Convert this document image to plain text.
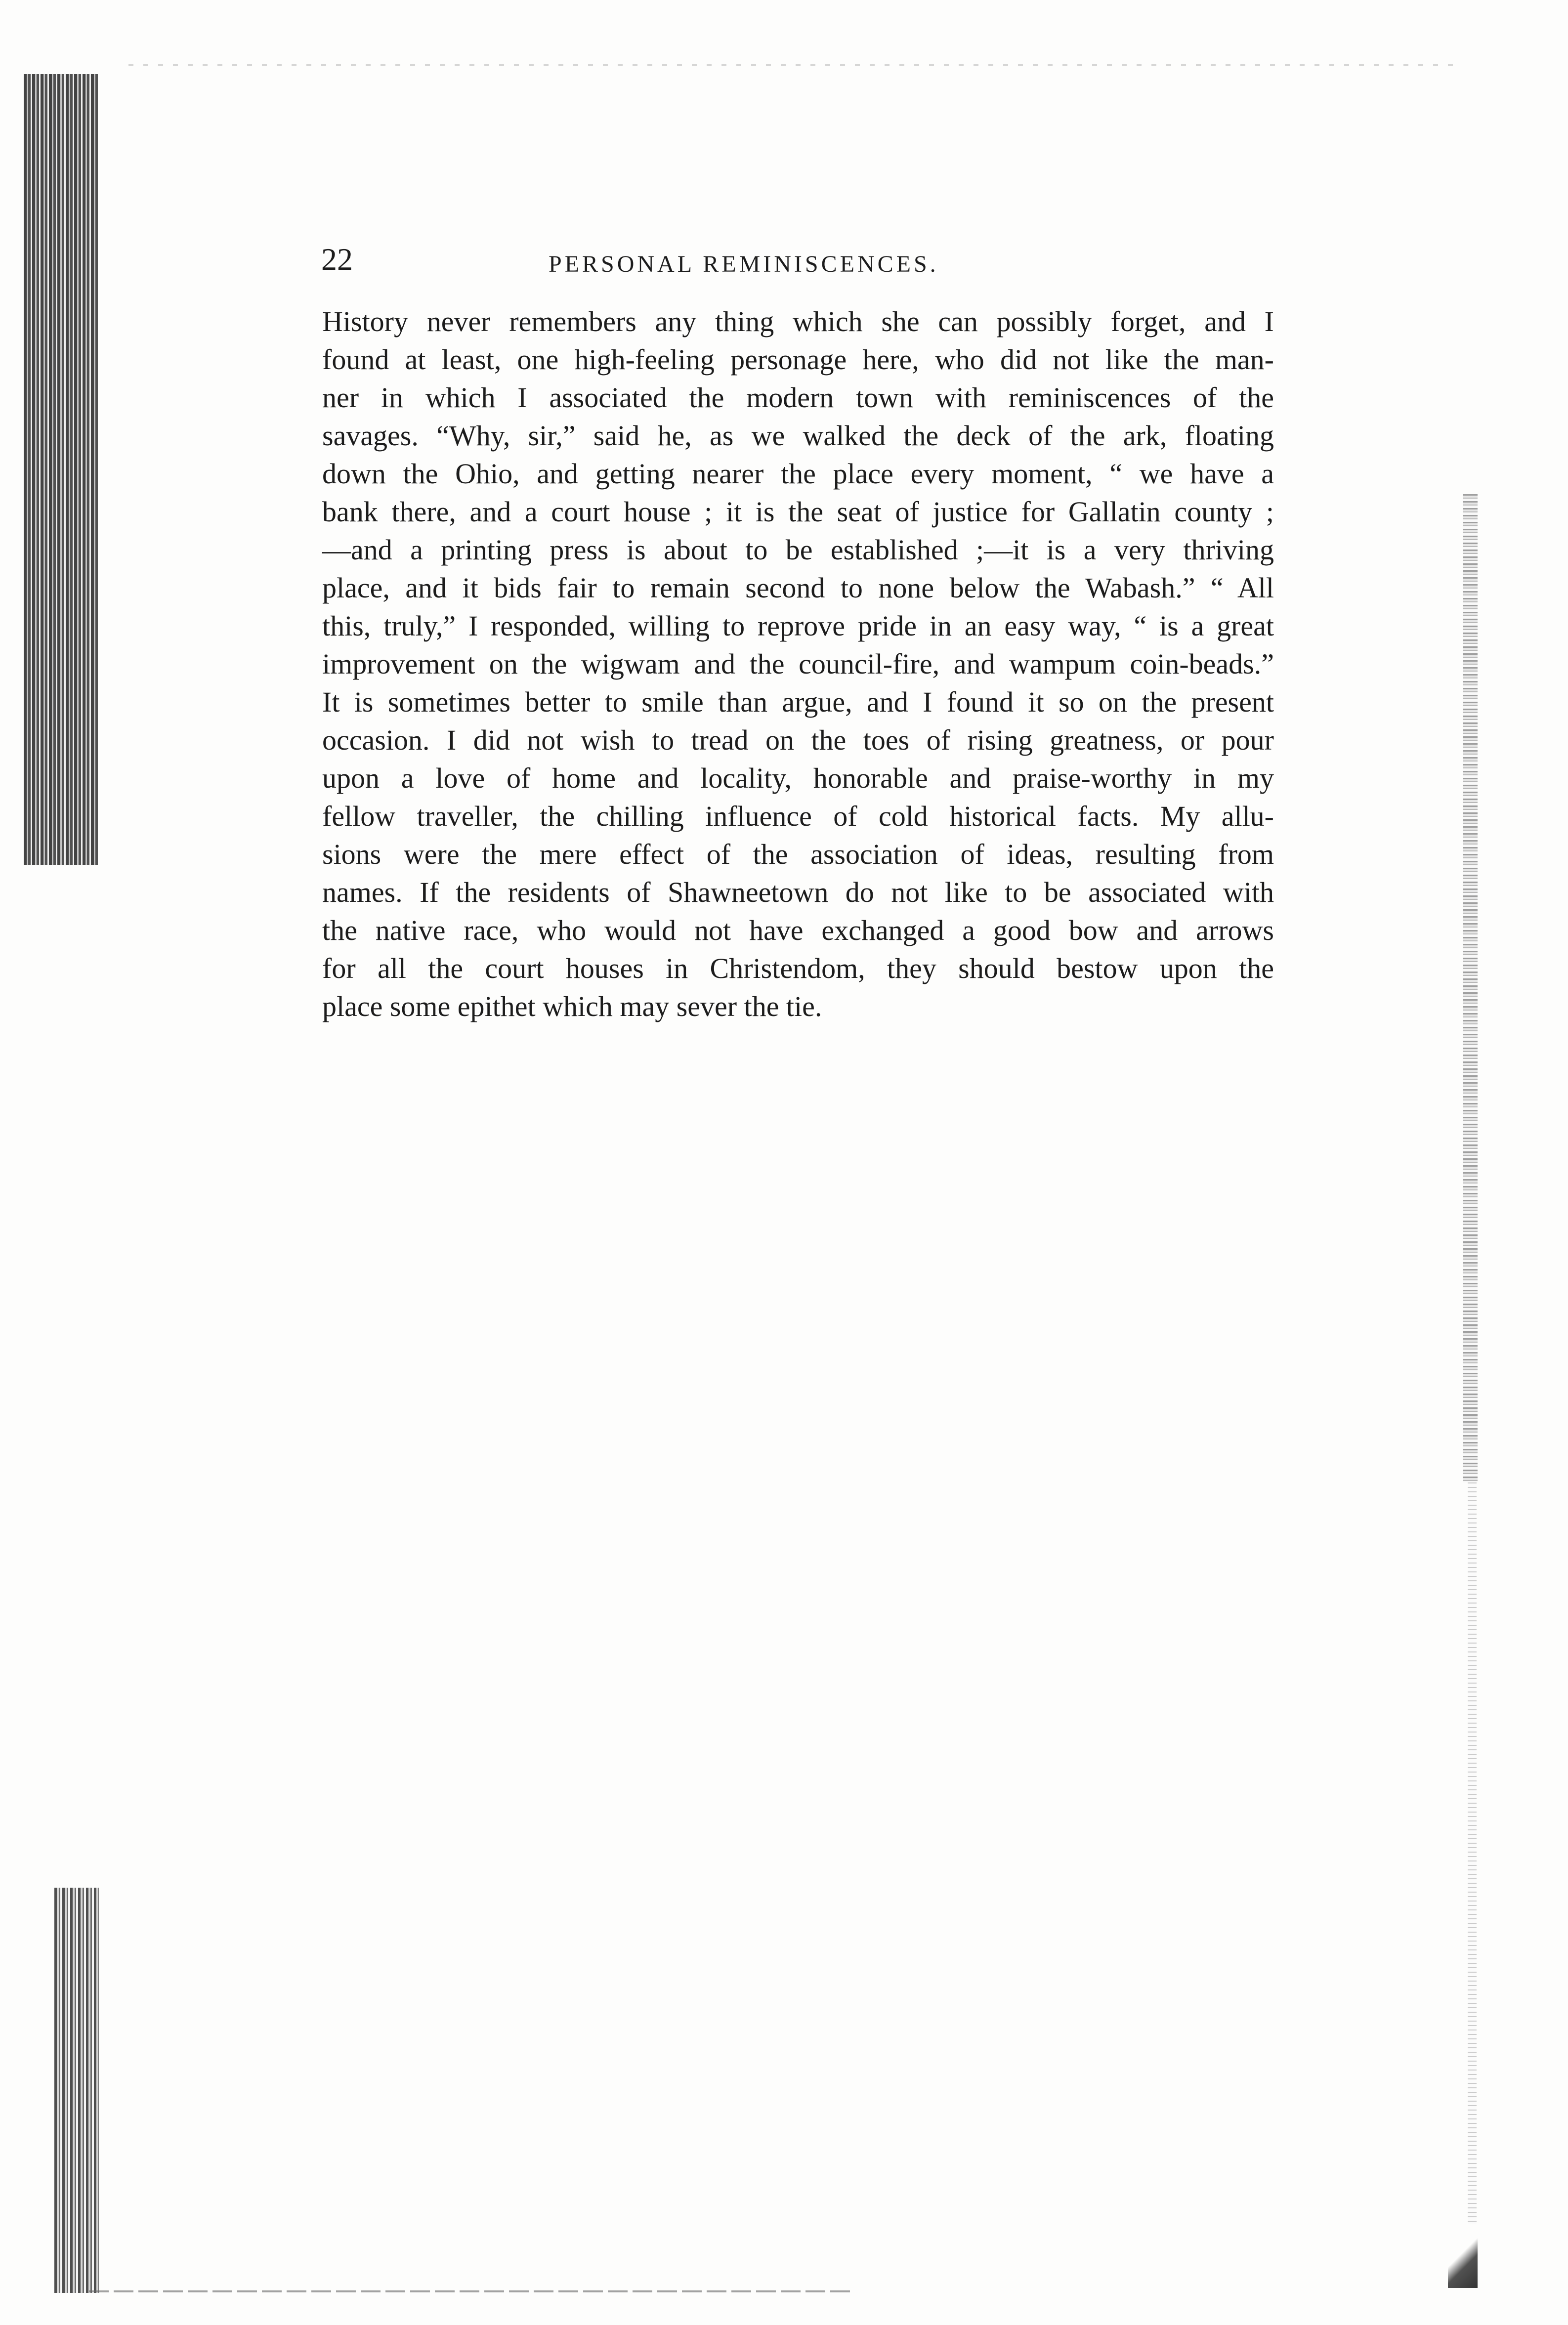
22	PERSONAL REMINISCENCES.
History never remembers any thing which she can possibly forget, and I
found at least, one high-feeling personage here, who did not like the man-
ner in which I associated the modern town with reminiscences of the
savages. “Why, sir,” said he, as we walked the deck of the ark, floating
down the Ohio, and getting nearer the place every moment, “ we have a
bank there, and a court house ; it is the seat of justice for Gallatin county ;
—and a printing press is about to be established ;—it is a very thriving
place, and it bids fair to remain second to none below the Wabash.” “ All
this, truly,” I responded, willing to reprove pride in an easy way, “ is a great
improvement on the wigwam and the council-fire, and wampum coin-beads.”
It is sometimes better to smile than argue, and I found it so on the present
occasion. I did not wish to tread on the toes of rising greatness, or pour
upon a love of home and locality, honorable and praise-worthy in my
fellow traveller, the chilling influence of cold historical facts. My allu-
sions were the mere effect of the association of ideas, resulting from
names. If the residents of Shawneetown do not like to be associated with
the native race, who would not have exchanged a good bow and arrows
for all the court houses in Christendom, they should bestow upon the
place some epithet which may sever the tie.
